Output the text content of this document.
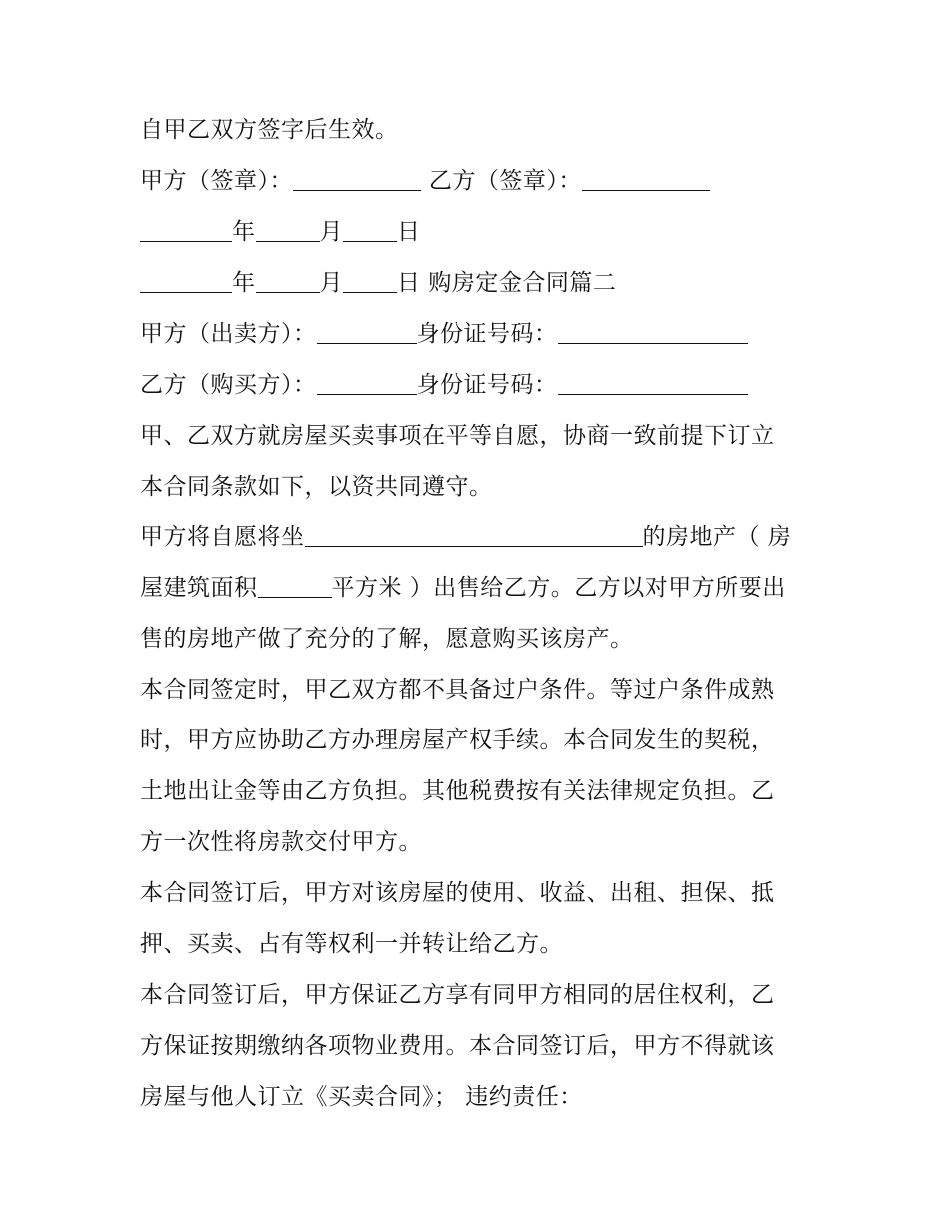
自甲乙双方签字后生效。
甲方（签章）：	乙方（签章）：
年	月 日
年	月 日 购房定金合同篇二
甲方（出卖方）：	身份证号码：
乙方（购买方）：	身份证号码：
甲、乙双方就房屋买卖事项在平等自愿，协商一致前提下订立
本合同条款如下，以资共同遵守。
甲方将自愿将坐	的房地产（ 房
屋建筑面积	平方米 ）出售给乙方。乙方以对甲方所要出
售的房地产做了充分的了解，愿意购买该房产。
本合同签定时，甲乙双方都不具备过户条件。等过户条件成熟
时，甲方应协助乙方办理房屋产权手续。本合同发生的契税，
土地出让金等由乙方负担。其他税费按有关法律规定负担。乙
方一次性将房款交付甲方。
本合同签订后，甲方对该房屋的使用、收益、出租、担保、抵
押、买卖、占有等权利一并转让给乙方。
本合同签订后，甲方保证乙方享有同甲方相同的居住权利，乙
方保证按期缴纳各项物业费用。本合同签订后，甲方不得就该
房屋与他人订立《买卖合同》； 违约责任：
